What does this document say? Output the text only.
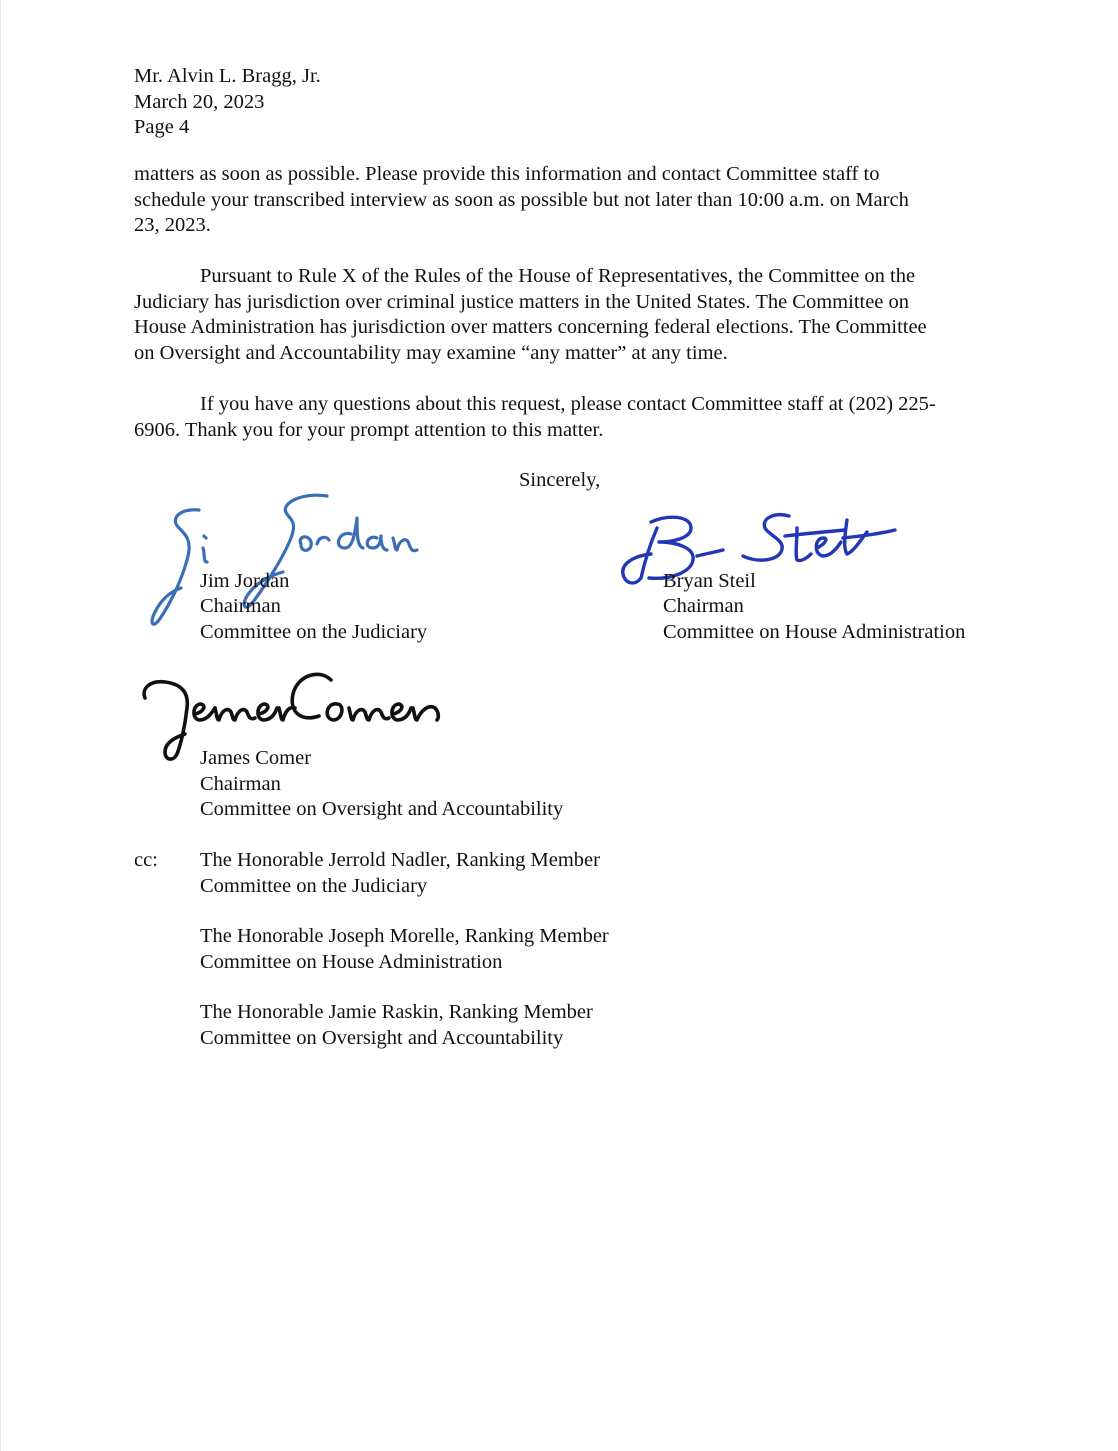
Mr. Alvin L. Bragg, Jr.
March 20, 2023
Page 4
matters as soon as possible. Please provide this information and contact Committee staff to
schedule your transcribed interview as soon as possible but not later than 10:00 a.m. on March
23, 2023.
Pursuant to Rule X of the Rules of the House of Representatives, the Committee on the
Judiciary has jurisdiction over criminal justice matters in the United States. The Committee on
House Administration has jurisdiction over matters concerning federal elections. The Committee
on Oversight and Accountability may examine “any matter” at any time.
If you have any questions about this request, please contact Committee staff at (202) 225-
6906. Thank you for your prompt attention to this matter.
Sincerely,
Jim Jordan
Chairman
Committee on the Judiciary
Bryan Steil
Chairman
Committee on House Administration
James Comer
Chairman
Committee on Oversight and Accountability
cc: The Honorable Jerrold Nadler, Ranking Member
Committee on the Judiciary
The Honorable Joseph Morelle, Ranking Member
Committee on House Administration
The Honorable Jamie Raskin, Ranking Member
Committee on Oversight and Accountability
